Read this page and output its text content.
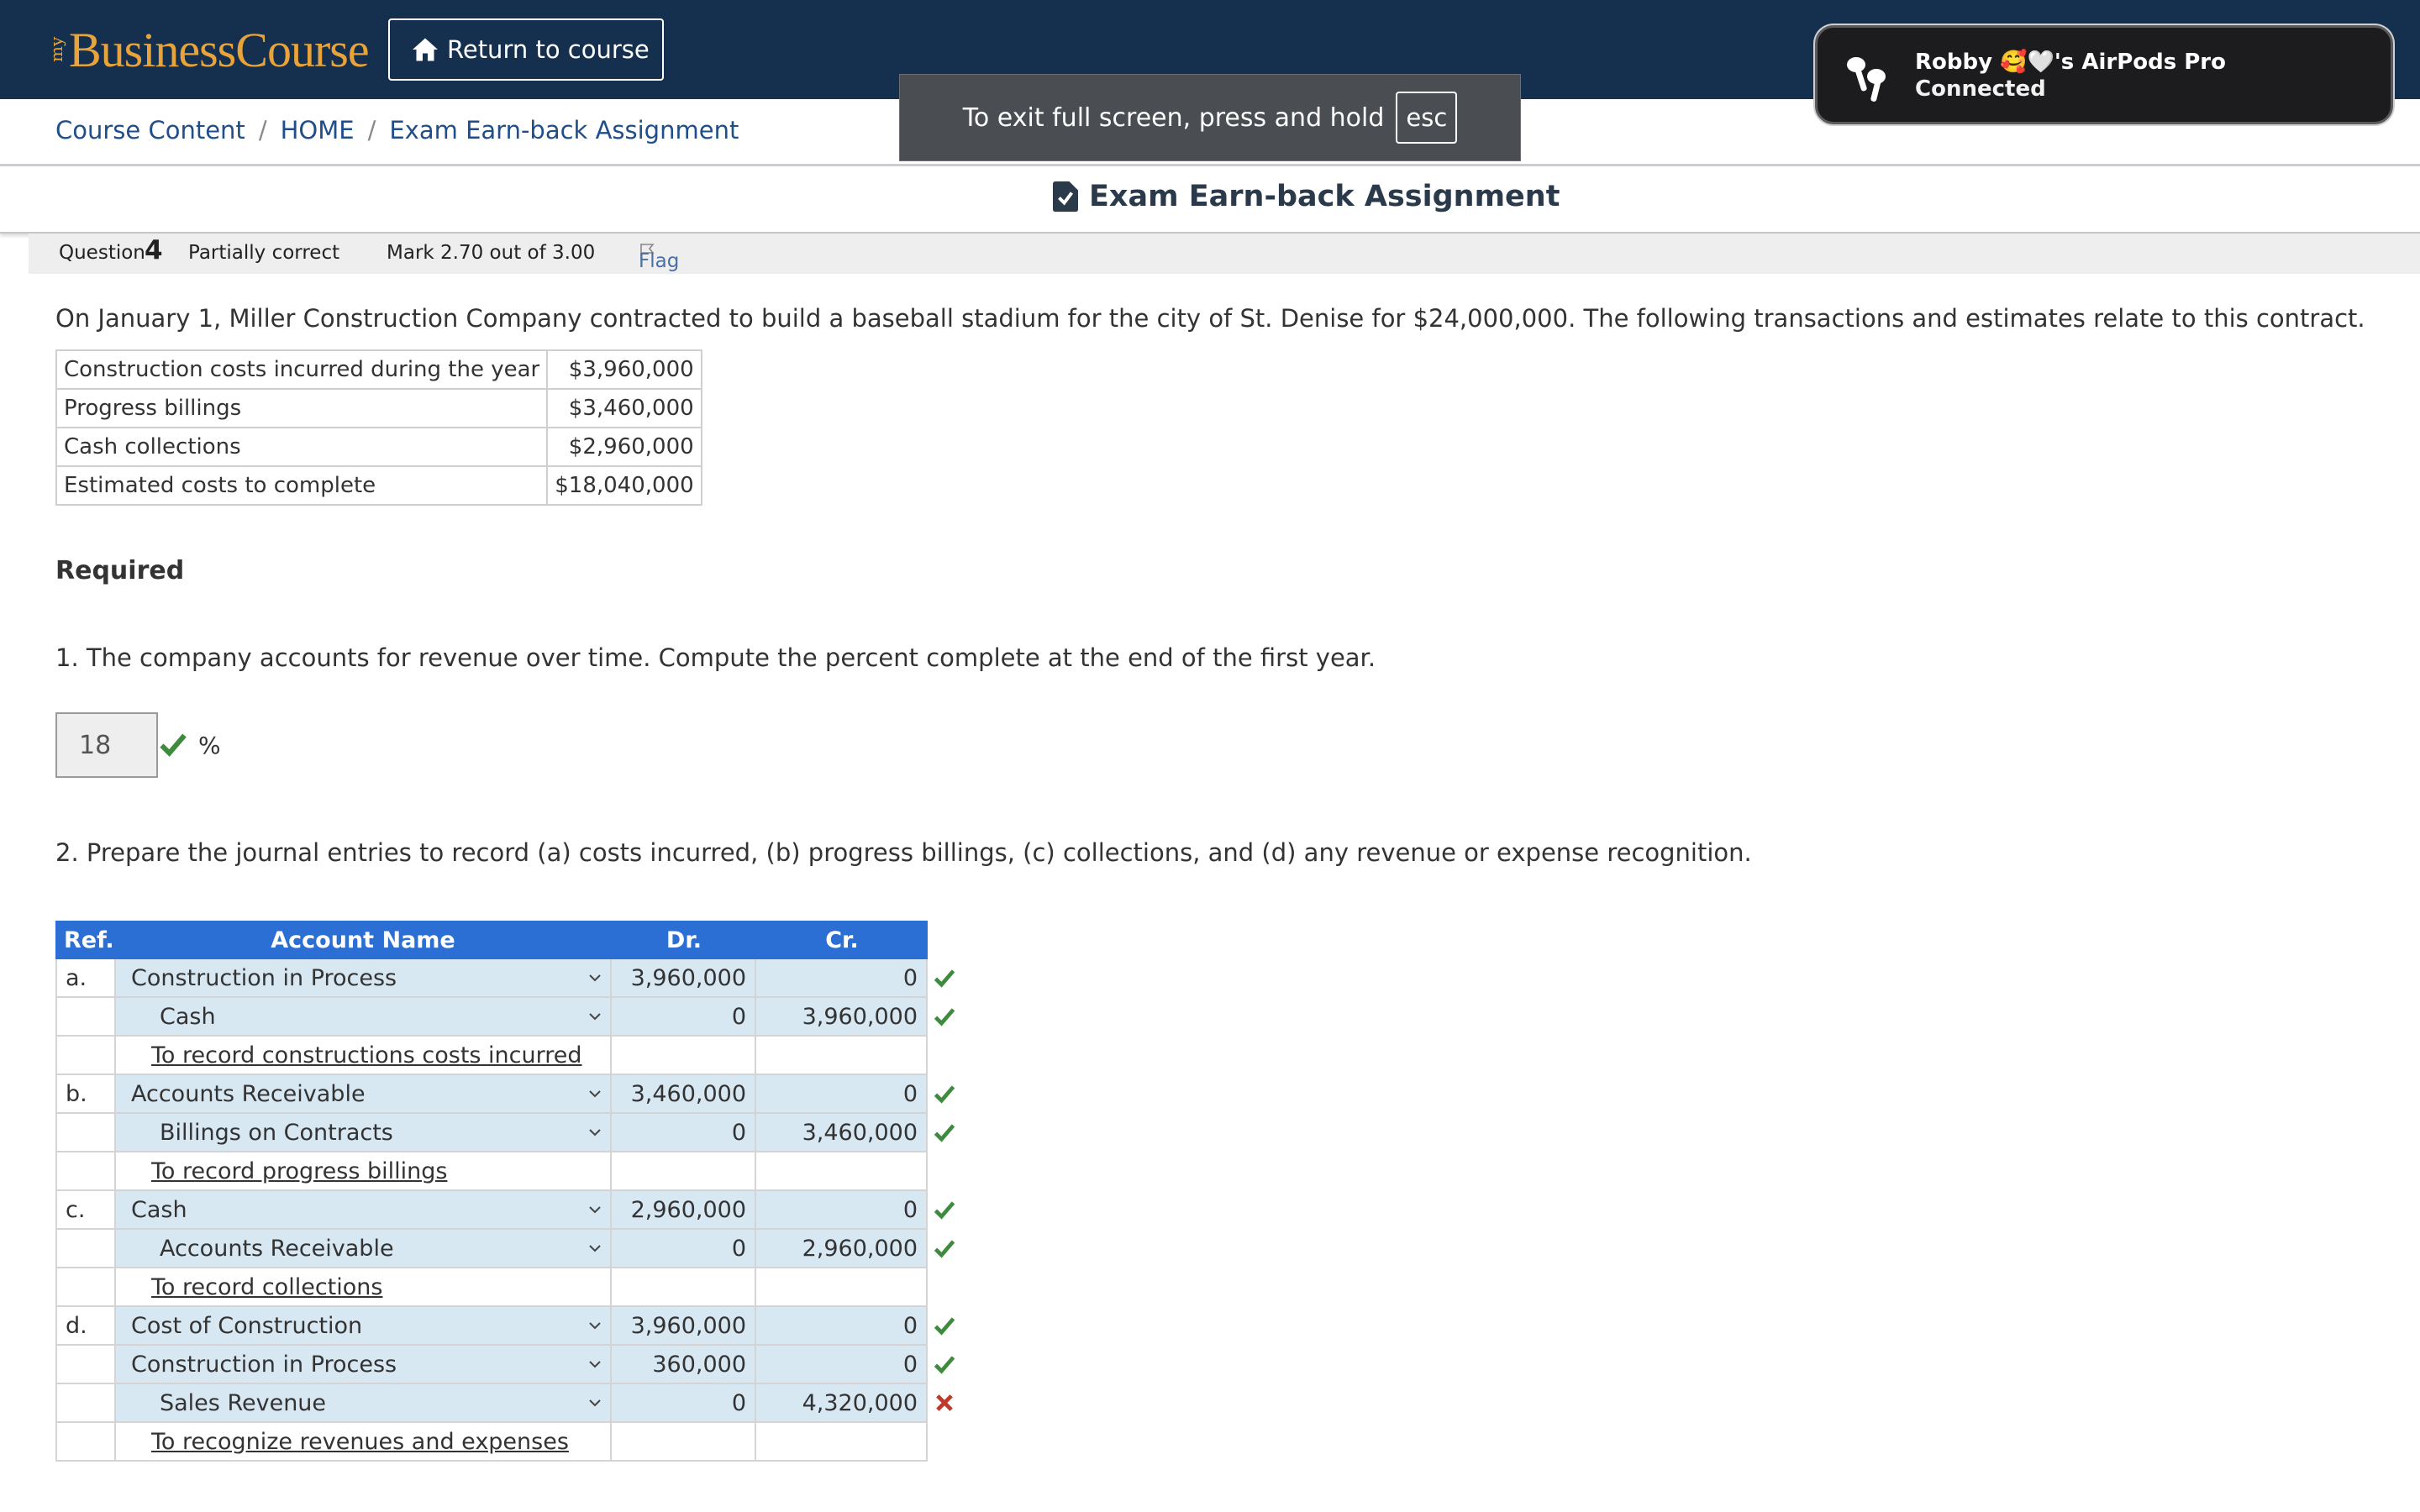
my BusinessCourse	Return to course
Course Content / HOME / Exam Earn-back Assignment
Exam Earn-back Assignment
Question 4 Partially correct Mark 2.70 out of 3.00 Flag
On January 1, Miller Construction Company contracted to build a baseball stadium for the city of St. Denise for $24,000,000. The following transactions and estimates relate to this contract.
Construction costs incurred during the year	$3,960,000
Progress billings	$3,460,000
Cash collections	$2,960,000
Estimated costs to complete	$18,040,000
Required
1. The company accounts for revenue over time. Compute the percent complete at the end of the first year.
18	%
2. Prepare the journal entries to record (a) costs incurred, (b) progress billings, (c) collections, and (d) any revenue or expense recognition.
Ref.	Account Name	Dr.	Cr.
a.	Construction in Process	3,960,000	0
Cash	0	3,960,000
To record constructions costs incurred
b.	Accounts Receivable	3,460,000	0
Billings on Contracts	0	3,460,000
To record progress billings
c.	Cash	2,960,000	0
Accounts Receivable	0	2,960,000
To record collections
d.	Cost of Construction	3,960,000	0
Construction in Process	360,000	0
Sales Revenue	0	4,320,000
To recognize revenues and expenses
To exit full screen, press and hold esc
Robby 🥰🤍's AirPods Pro
Connected
